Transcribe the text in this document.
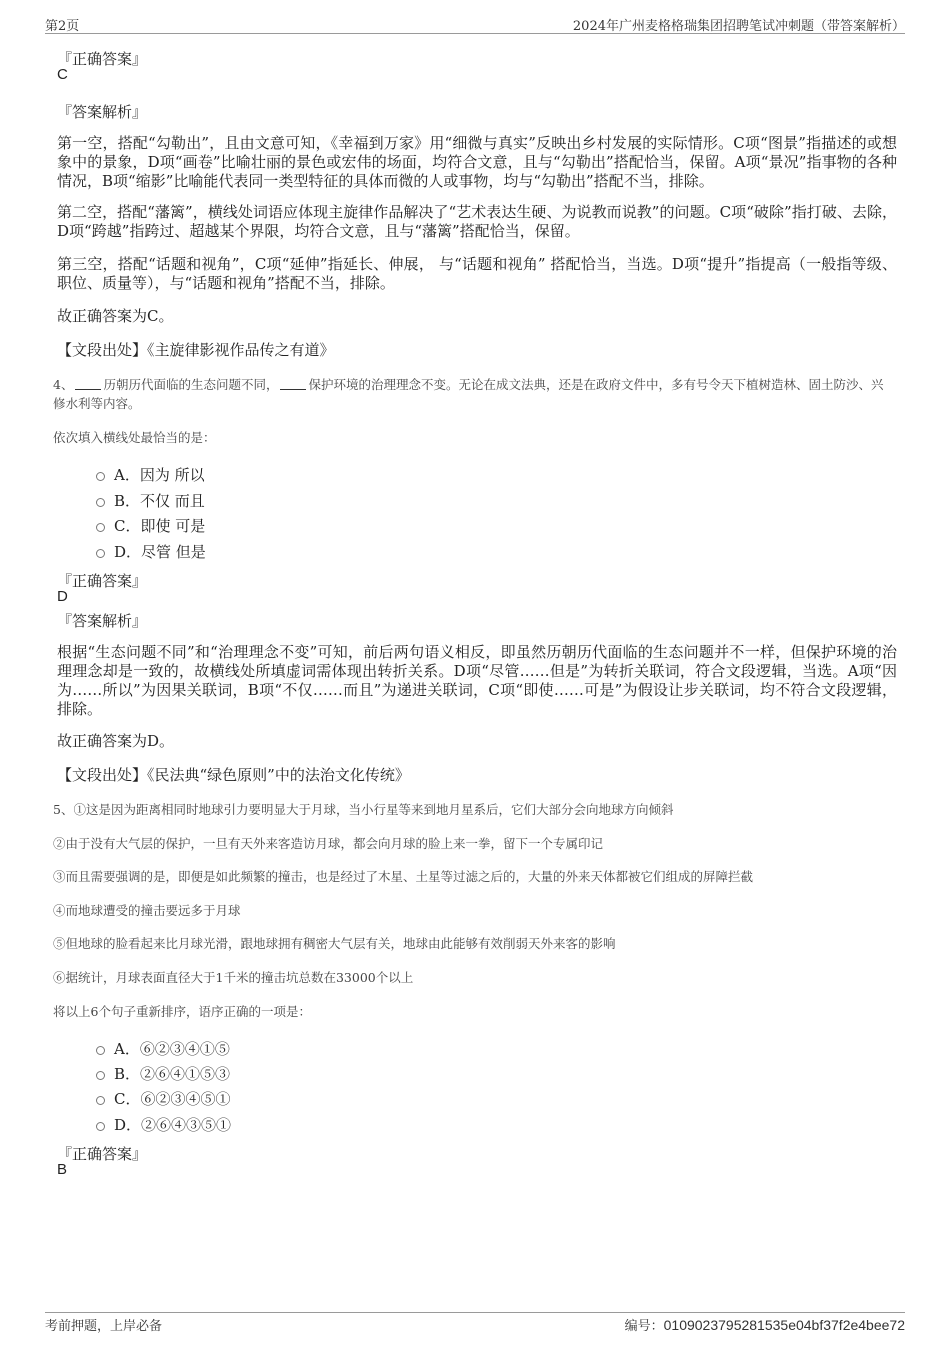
第2页	2024年广州麦格格瑞集团招聘笔试冲刺题（带答案解析）
『正确答案』
C
『答案解析』
第一空，搭配“勾勒出”，且由文意可知，《幸福到万家》用“细微与真实”反映出乡村发展的实际情形。C项“图景”指描述的或想象中的景象，D项“画卷”比喻壮丽的景色或宏伟的场面，均符合文意，且与“勾勒出”搭配恰当，保留。A项“景况”指事物的各种情况，B项“缩影”比喻能代表同一类型特征的具体而微的人或事物，均与“勾勒出”搭配不当，排除。
第二空，搭配“藩篱”，横线处词语应体现主旋律作品解决了“艺术表达生硬、为说教而说教”的问题。C项“破除”指打破、去除，D项“跨越”指跨过、超越某个界限，均符合文意，且与“藩篱”搭配恰当，保留。
第三空，搭配“话题和视角”，C项“延伸”指延长、伸展， 与“话题和视角” 搭配恰当，当选。D项“提升”指提高（一般指等级、职位、质量等），与“话题和视角”搭配不当，排除。
故正确答案为C。
【文段出处】《主旋律影视作品传之有道》
4、 历朝历代面临的生态问题不同， 保护环境的治理理念不变。无论在成文法典，还是在政府文件中，多有号令天下植树造林、固土防沙、兴修水利等内容。
依次填入横线处最恰当的是：
A．因为 所以
B．不仅 而且
C．即使 可是
D．尽管 但是
『正确答案』
D
『答案解析』
根据“生态问题不同”和“治理理念不变”可知，前后两句语义相反，即虽然历朝历代面临的生态问题并不一样，但保护环境的治理理念却是一致的，故横线处所填虚词需体现出转折关系。D项“尽管……但是”为转折关联词，符合文段逻辑，当选。A项“因为……所以”为因果关联词，B项“不仅……而且”为递进关联词，C项“即使……可是”为假设让步关联词，均不符合文段逻辑，排除。
故正确答案为D。
【文段出处】《民法典“绿色原则”中的法治文化传统》
5、①这是因为距离相同时地球引力要明显大于月球，当小行星等来到地月星系后，它们大部分会向地球方向倾斜
②由于没有大气层的保护，一旦有天外来客造访月球，都会向月球的脸上来一拳，留下一个专属印记
③而且需要强调的是，即便是如此频繁的撞击，也是经过了木星、土星等过滤之后的，大量的外来天体都被它们组成的屏障拦截
④而地球遭受的撞击要远多于月球
⑤但地球的脸看起来比月球光滑，跟地球拥有稠密大气层有关，地球由此能够有效削弱天外来客的影响
⑥据统计，月球表面直径大于1千米的撞击坑总数在33000个以上
将以上6个句子重新排序，语序正确的一项是：
A．⑥②③④①⑤
B．②⑥④①⑤③
C．⑥②③④⑤①
D．②⑥④③⑤①
『正确答案』
B
考前押题，上岸必备	编号：0109023795281535e04bf37f2e4bee72
